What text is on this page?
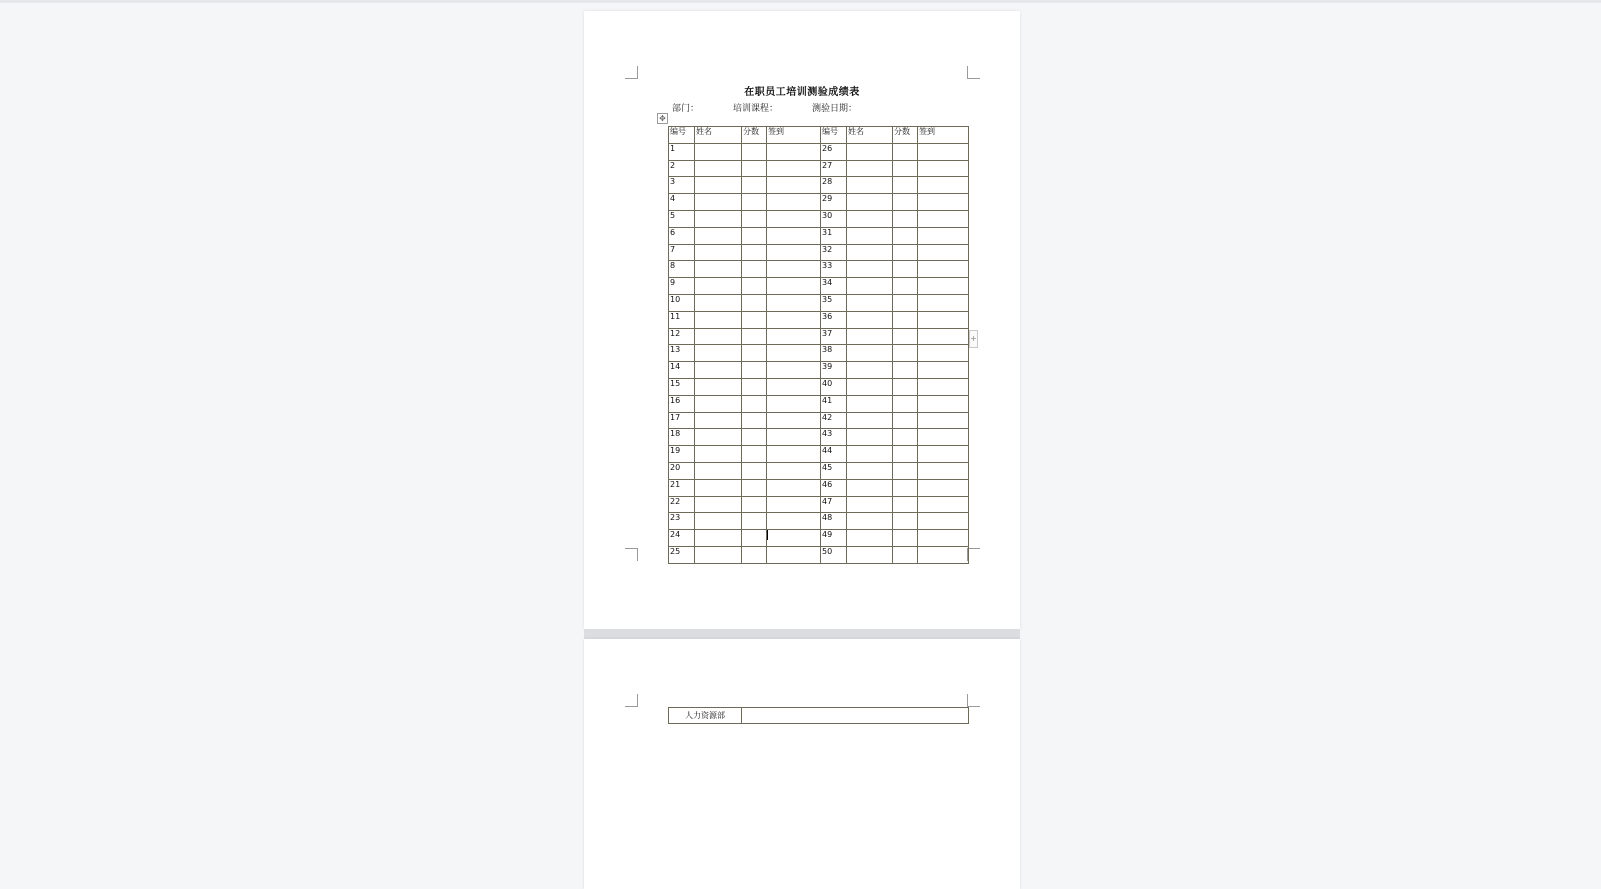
在职员工培训测验成绩表
部门：	培训课程：	测验日期：
✥
编号	姓名	分数	签到	编号	姓名	分数	签到
1				26			
2				27			
3				28			
4				29			
5				30			
6				31			
7				32			
8				33			
9				34			
10				35			
11				36			
12				37			
13				38			
14				39			
15				40			
16				41			
17				42			
18				43			
19				44			
20				45			
21				46			
22				47			
23				48			
24				49			
25				50			
+
人力资源部	
